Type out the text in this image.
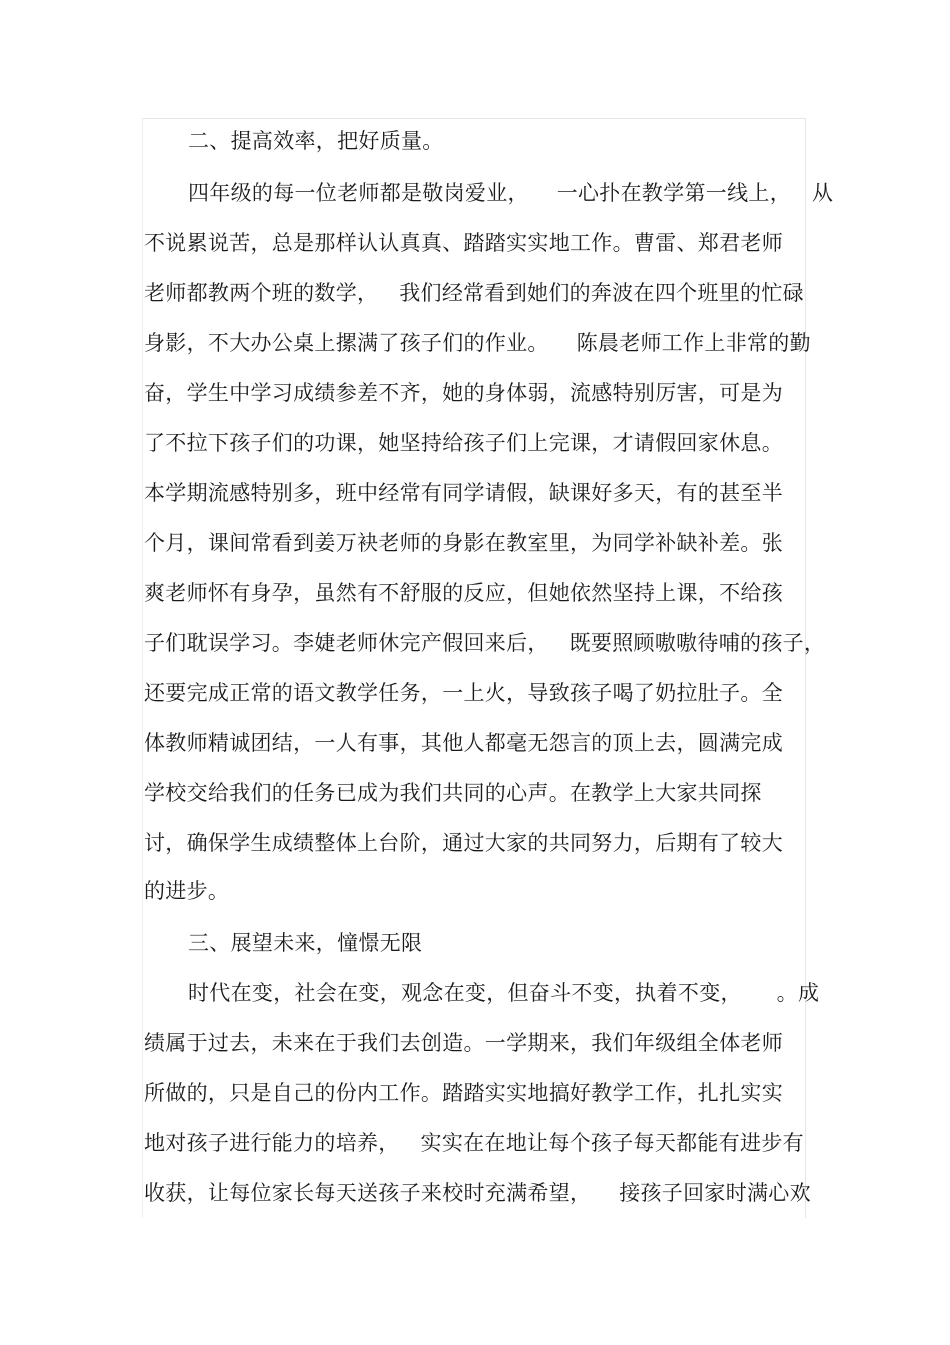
二、提高效率，把好质量。
四年级的每一位老师都是敬岗爱业，    一心扑在教学第一线上，   从
不说累说苦，总是那样认认真真、踏踏实实地工作。曹雷、郑君老师
老师都教两个班的数学，   我们经常看到她们的奔波在四个班里的忙碌
身影，不大办公桌上摞满了孩子们的作业。    陈晨老师工作上非常的勤
奋，学生中学习成绩参差不齐，她的身体弱，流感特别厉害，可是为
了不拉下孩子们的功课，她坚持给孩子们上完课，才请假回家休息。
本学期流感特别多，班中经常有同学请假，缺课好多天，有的甚至半
个月，课间常看到姜万袂老师的身影在教室里，为同学补缺补差。张
爽老师怀有身孕，虽然有不舒服的反应，但她依然坚持上课，不给孩
子们耽误学习。李婕老师休完产假回来后，   既要照顾嗷嗷待哺的孩子，
还要完成正常的语文教学任务，一上火，导致孩子喝了奶拉肚子。全
体教师精诚团结，一人有事，其他人都毫无怨言的顶上去，圆满完成
学校交给我们的任务已成为我们共同的心声。在教学上大家共同探
讨，确保学生成绩整体上台阶，通过大家的共同努力，后期有了较大
的进步。
三、展望未来，憧憬无限
时代在变，社会在变，观念在变，但奋斗不变，执着不变，     。成
绩属于过去，未来在于我们去创造。一学期来，我们年级组全体老师
所做的，只是自己的份内工作。踏踏实实地搞好教学工作，扎扎实实
地对孩子进行能力的培养，   实实在在地让每个孩子每天都能有进步有
收获，让每位家长每天送孩子来校时充满希望，    接孩子回家时满心欢
